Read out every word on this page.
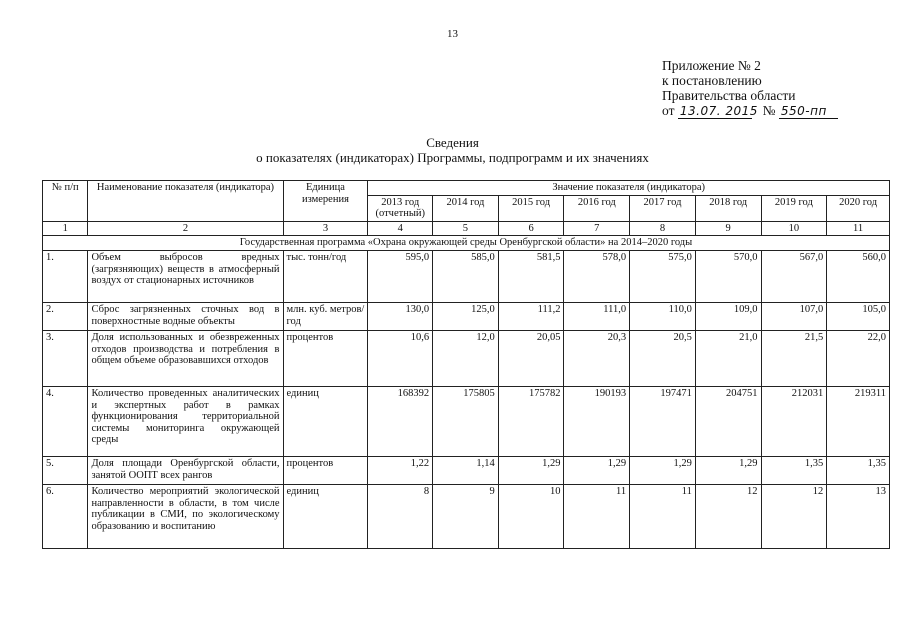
13
Приложение № 2
к постановлению
Правительства области
от 13.07. 2015 № 550-пп
Сведения
о показателях (индикаторах) Программы, подпрограмм и их значениях
№ п/п	Наименование показателя (индикатора)	Единица измерения	Значение показателя (индикатора)							
			2013 год (отчетный)	2014 год	2015 год	2016 год	2017 год	2018 год	2019 год	2020 год
1	2	3	4	5	6	7	8	9	10	11
Государственная программа «Охрана окружающей среды Оренбургской области» на 2014–2020 годы										
1.	Объем выбросов вредных (загрязняющих) веществ в атмосферный воздух от стационарных источников	тыс. тонн/год	595,0	585,0	581,5	578,0	575,0	570,0	567,0	560,0
2.	Сброс загрязненных сточных вод в поверхностные водные объекты	млн. куб. метров/год	130,0	125,0	111,2	111,0	110,0	109,0	107,0	105,0
3.	Доля использованных и обезвреженных отходов производства и потребления в общем объеме образовавшихся отходов	процентов	10,6	12,0	20,05	20,3	20,5	21,0	21,5	22,0
4.	Количество проведенных аналитических и экспертных работ в рамках функционирования территориальной системы мониторинга окружающей среды	единиц	168392	175805	175782	190193	197471	204751	212031	219311
5.	Доля площади Оренбургской области, занятой ООПТ всех рангов	процентов	1,22	1,14	1,29	1,29	1,29	1,29	1,35	1,35
6.	Количество мероприятий экологической направленности в области, в том числе публикации в СМИ, по экологическому образованию и воспитанию	единиц	8	9	10	11	11	12	12	13
